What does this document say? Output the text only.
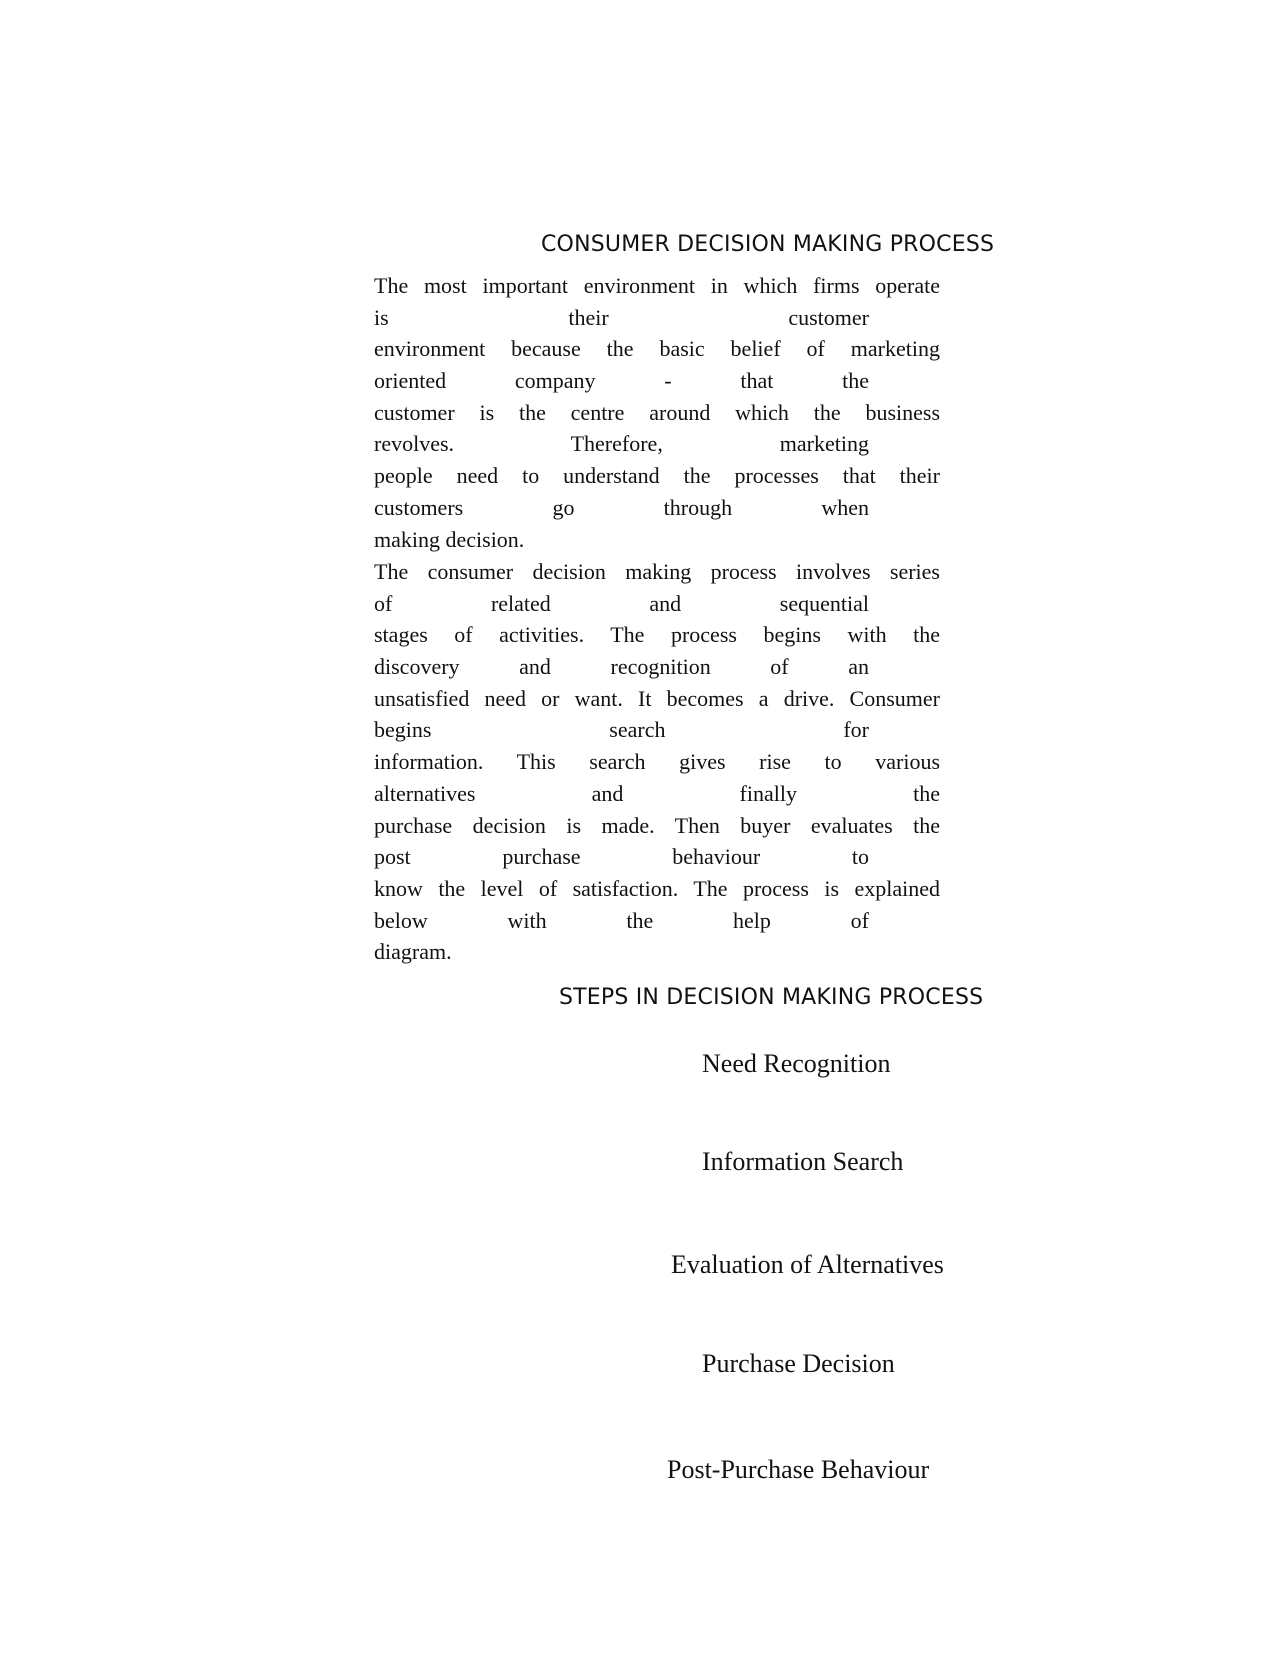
CONSUMER DECISION MAKING PROCESS
The most important environment in which firms operate
is their customer
environment because the basic belief of marketing
oriented company - that the
customer is the centre around which the business
revolves. Therefore, marketing
people need to understand the processes that their
customers go through when
making decision.
The consumer decision making process involves series
of related and sequential
stages of activities. The process begins with the
discovery and recognition of an
unsatisfied need or want. It becomes a drive. Consumer
begins search for
information. This search gives rise to various
alternatives and finally the
purchase decision is made. Then buyer evaluates the
post purchase behaviour to
know the level of satisfaction. The process is explained
below with the help of
diagram.
STEPS IN DECISION MAKING PROCESS
Need Recognition
Information Search
Evaluation of Alternatives
Purchase Decision
Post-Purchase Behaviour
